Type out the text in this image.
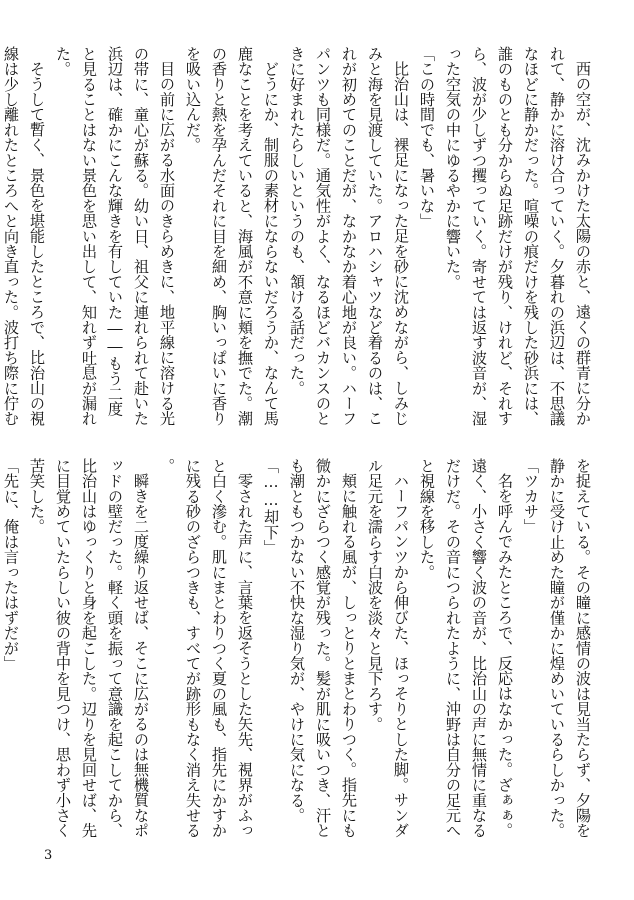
西の空が、沈みかけた太陽の赤と、遠くの群青に分かれて、静かに溶け合っていく。夕暮れの浜辺は、不思議なほどに静かだった。喧噪の痕だけを残した砂浜には、誰のものとも分からぬ足跡だけが残り、けれど、それすら、波が少しずつ攫っていく。寄せては返す波音が、湿った空気の中にゆるやかに響いた。

「この時間でも、暑いな」

比治山は、裸足になった足を砂に沈めながら、しみじみと海を見渡していた。アロハシャツなど着るのは、これが初めてのことだが、なかなか着心地が良い。ハーフパンツも同様だ。通気性がよく、なるほどバカンスのときに好まれたらしいというのも、頷ける話だった。

どうにか、制服の素材にならないだろうか、なんて馬鹿なことを考えていると、海風が不意に頬を撫でた。潮の香りと熱を孕んだそれに目を細め、胸いっぱいに香りを吸い込んだ。

目の前に広がる水面のきらめきに、地平線に溶ける光の帯に、童心が蘇る。幼い日、祖父に連れられて赴いた浜辺は、確かにこんな輝きを有していた――もう二度と見ることはない景色を思い出して、知れず吐息が漏れた。

そうして暫く、景色を堪能したところで、比治山の視線は少し離れたところへと向き直った。波打ち際に佇む

を捉えている。その瞳に感情の波は見当たらず、夕陽を静かに受け止めた瞳が僅かに煌めいているらしかった。

「ツカサ」

名を呼んでみたところで、反応はなかった。ざぁぁ。遠く、小さく響く波の音が、比治山の声に無情に重なるだけだ。その音につられたように、沖野は自分の足元へと視線を移した。

ハーフパンツから伸びた、ほっそりとした脚。サンダル足元を濡らす白波を淡々と見下ろす。

頬に触れる風が、しっとりとまとわりつく。指先にも微かにざらつく感覚が残った。髪が肌に吸いつき、汗とも潮ともつかない不快な湿り気が、やけに気になる。

「……却下」

零された声に、言葉を返そうとした矢先、視界がふっと白く滲む。肌にまとわりつく夏の風も、指先にかすかに残る砂のざらつきも、すべてが跡形もなく消え失せる。

瞬きを二度繰り返せば、そこに広がるのは無機質なポッドの壁だった。軽く頭を振って意識を起こしてから、比治山はゆっくりと身を起こした。辺りを見回せば、先に目覚めていたらしい彼の背中を見つけ、思わず小さく苦笑した。

「先に、俺は言ったはずだが」

3
